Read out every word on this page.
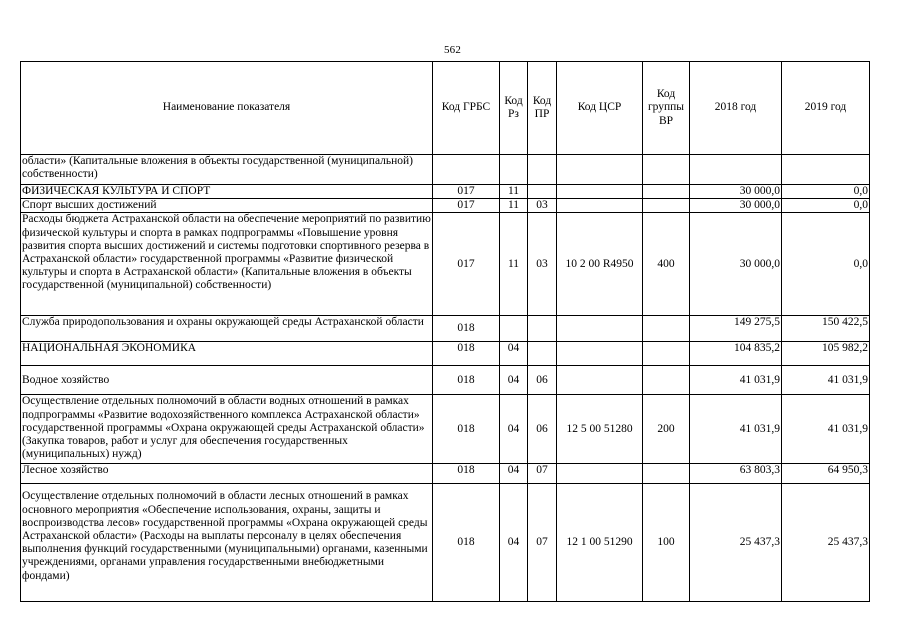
562
Наименование показателя	Код ГРБС	Код Рз	Код ПР	Код ЦСР	Код группы ВР	2018 год	2019 год
области» (Капитальные вложения в объекты государственной (муниципальной) собственности)							
ФИЗИЧЕСКАЯ КУЛЬТУРА И СПОРТ	017	11				30 000,0	0,0
Спорт высших достижений	017	11	03			30 000,0	0,0
Расходы бюджета Астраханской области на обеспечение мероприятий по развитию физической культуры и спорта в рамках подпрограммы «Повышение уровня развития спорта высших достижений и системы подготовки спортивного резерва в Астраханской области» государственной программы «Развитие физической культуры и спорта в Астраханской области» (Капитальные вложения в объекты государственной (муниципальной) собственности)	017	11	03	10 2 00 R4950	400	30 000,0	0,0
Служба природопользования и охраны окружающей среды Астраханской области	018					149 275,5	150 422,5
НАЦИОНАЛЬНАЯ ЭКОНОМИКА	018	04				104 835,2	105 982,2
Водное хозяйство	018	04	06			41 031,9	41 031,9
Осуществление отдельных полномочий в области водных отношений в рамках подпрограммы «Развитие водохозяйственного комплекса Астраханской области» государственной программы «Охрана окружающей среды Астраханской области» (Закупка товаров, работ и услуг для обеспечения государственных (муниципальных) нужд)	018	04	06	12 5 00 51280	200	41 031,9	41 031,9
Лесное хозяйство	018	04	07			63 803,3	64 950,3
Осуществление отдельных полномочий в области лесных отношений в рамках основного мероприятия «Обеспечение использования, охраны, защиты и воспроизводства лесов» государственной программы «Охрана окружающей среды Астраханской области» (Расходы на выплаты персоналу в целях обеспечения выполнения функций государственными (муниципальными) органами, казенными учреждениями, органами управления государственными внебюджетными фондами)	018	04	07	12 1 00 51290	100	25 437,3	25 437,3
